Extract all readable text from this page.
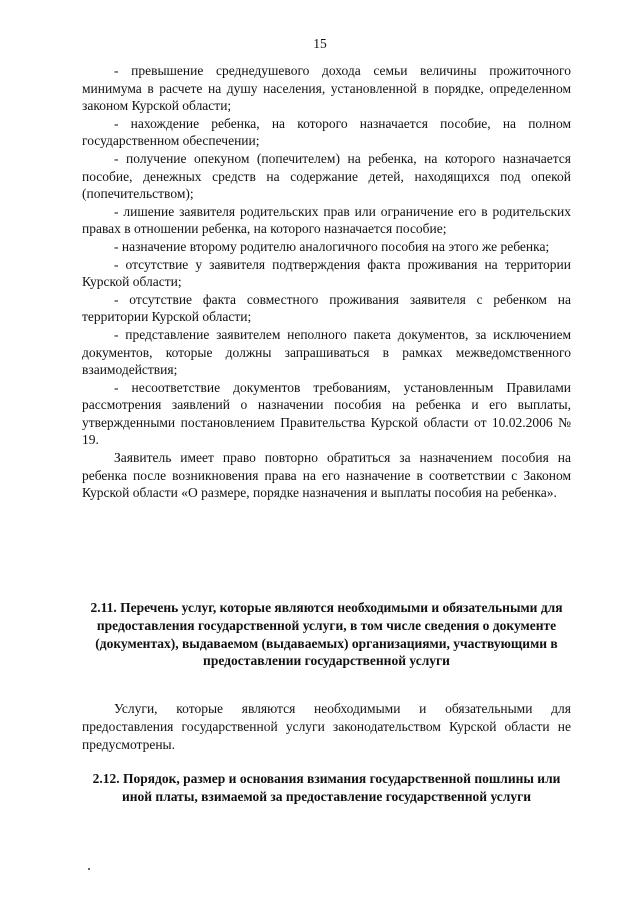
15

- превышение среднедушевого дохода семьи величины прожиточного минимума в расчете на душу населения, установленной в порядке, определенном законом Курской области;

- нахождение ребенка, на которого назначается пособие, на полном государственном обеспечении;

- получение опекуном (попечителем) на ребенка, на которого назначается пособие, денежных средств на содержание детей, находящихся под опекой (попечительством);

- лишение заявителя родительских прав или ограничение его в родительских правах в отношении ребенка, на которого назначается пособие;

- назначение второму родителю аналогичного пособия на этого же ребенка;

- отсутствие у заявителя подтверждения факта проживания на территории Курской области;

- отсутствие факта совместного проживания заявителя с ребенком на территории Курской области;

- представление заявителем неполного пакета документов, за исключением документов, которые должны запрашиваться в рамках межведомственного взаимодействия;

- несоответствие документов требованиям, установленным Правилами рассмотрения заявлений о назначении пособия на ребенка и его выплаты, утвержденными постановлением Правительства Курской области от 10.02.2006 № 19.

Заявитель имеет право повторно обратиться за назначением пособия на ребенка после возникновения права на его назначение в соответствии с Законом Курской области «О размере, порядке назначения и выплаты пособия на ребенка».

2.11. Перечень услуг, которые являются необходимыми и обязательными для предоставления государственной услуги, в том числе сведения о документе (документах), выдаваемом (выдаваемых) организациями, участвующими в предоставлении государственной услуги

Услуги, которые являются необходимыми и обязательными для предоставления государственной услуги законодательством Курской области не предусмотрены.

2.12. Порядок, размер и основания взимания государственной пошлины или иной платы, взимаемой за предоставление государственной услуги
